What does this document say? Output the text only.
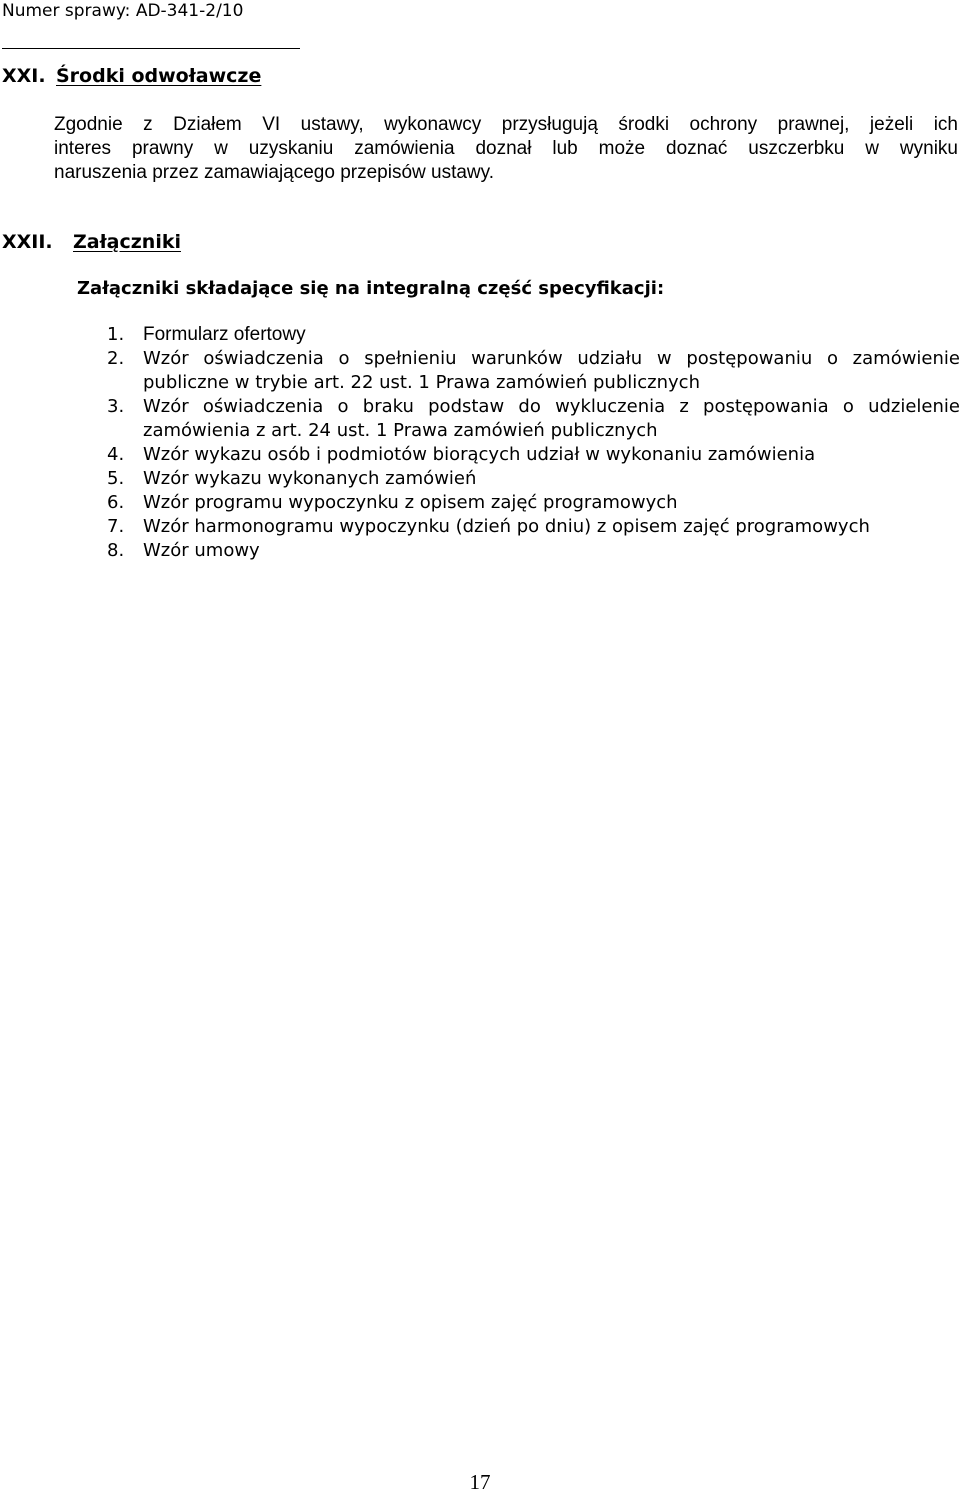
Numer sprawy: AD-341-2/10
XXI. Środki odwoławcze
Zgodnie z Działem VI ustawy, wykonawcy przysługują środki ochrony prawnej, jeżeli ich
interes prawny w uzyskaniu zamówienia doznał lub może doznać uszczerbku w wyniku
naruszenia przez zamawiającego przepisów ustawy.
XXII. Załączniki
Załączniki składające się na integralną część specyfikacji:
1. Formularz ofertowy
2.	Wzór oświadczenia o spełnieniu warunków udziału w postępowaniu o zamówienie
publiczne w trybie art. 22 ust. 1 Prawa zamówień publicznych
3.	Wzór oświadczenia o braku podstaw do wykluczenia z postępowania o udzielenie
zamówienia z art. 24 ust. 1 Prawa zamówień publicznych
4.	Wzór wykazu osób i podmiotów biorących udział w wykonaniu zamówienia
5.	Wzór wykazu wykonanych zamówień
6.	Wzór programu wypoczynku z opisem zajęć programowych
7.	Wzór harmonogramu wypoczynku (dzień po dniu) z opisem zajęć programowych
8.	Wzór umowy
17
